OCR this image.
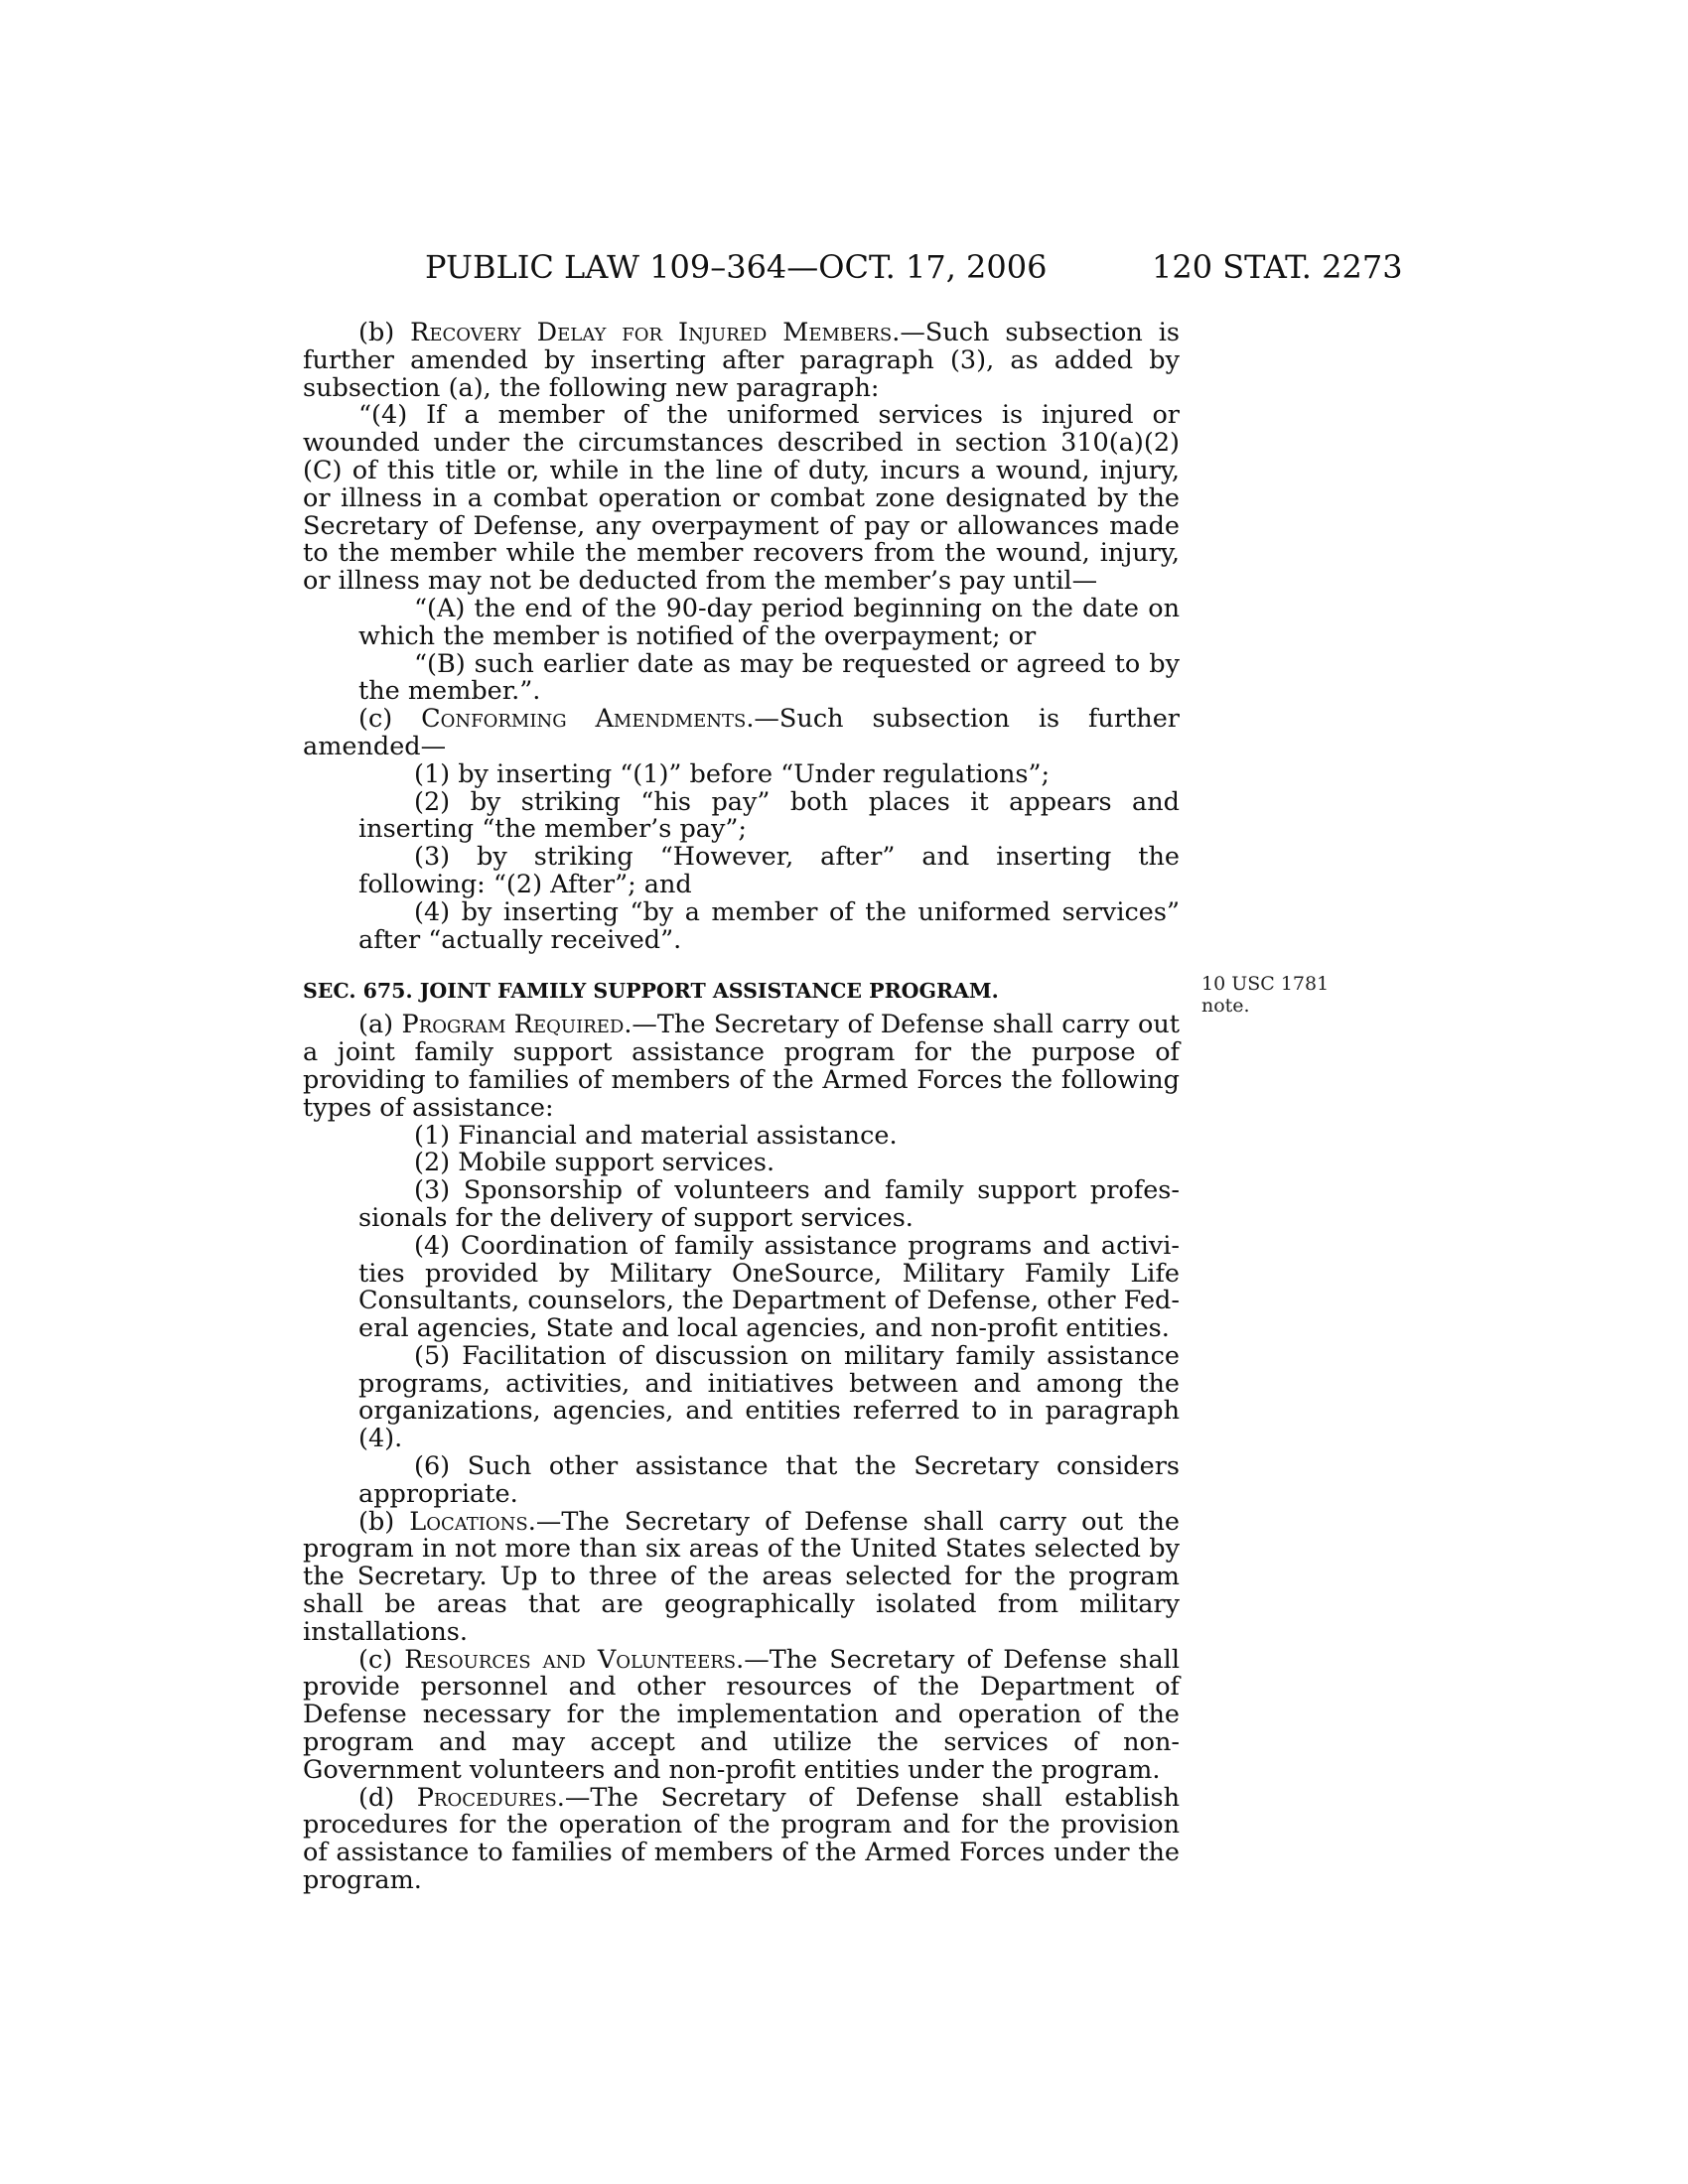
PUBLIC LAW 109–364—OCT. 17, 2006	120 STAT. 2273
10 USC 1781
note.

(b) Recovery Delay for Injured Members.—Such subsection is further amended by inserting after paragraph (3), as added by subsection (a), the following new paragraph:

“(4) If a member of the uniformed services is injured or wounded under the circumstances described in section 310(a)(2)(C) of this title or, while in the line of duty, incurs a wound, injury, or illness in a combat operation or combat zone designated by the Secretary of Defense, any overpayment of pay or allowances made to the member while the member recovers from the wound, injury, or illness may not be deducted from the member’s pay until—

“(A) the end of the 90-day period beginning on the date on which the member is notified of the overpayment; or

“(B) such earlier date as may be requested or agreed to by the member.”.

(c) Conforming Amendments.—Such subsection is further amended—

(1) by inserting “(1)” before “Under regulations”;

(2) by striking “his pay” both places it appears and inserting “the member’s pay”;

(3) by striking “However, after” and inserting the following: “(2) After”; and

(4) by inserting “by a member of the uniformed services” after “actually received”.

SEC. 675. JOINT FAMILY SUPPORT ASSISTANCE PROGRAM.

(a) Program Required.—The Secretary of Defense shall carry out a joint family support assistance program for the purpose of providing to families of members of the Armed Forces the following types of assistance:

(1) Financial and material assistance.

(2) Mobile support services.

(3) Sponsorship of volunteers and family support profes- sionals for the delivery of support services.

(4) Coordination of family assistance programs and activi- ties provided by Military OneSource, Military Family Life Consultants, counselors, the Department of Defense, other Fed- eral agencies, State and local agencies, and non-profit entities.

(5) Facilitation of discussion on military family assistance programs, activities, and initiatives between and among the organizations, agencies, and entities referred to in paragraph (4).

(6) Such other assistance that the Secretary considers appropriate.

(b) Locations.—The Secretary of Defense shall carry out the program in not more than six areas of the United States selected by the Secretary. Up to three of the areas selected for the program shall be areas that are geographically isolated from military installations.

(c) Resources and Volunteers.—The Secretary of Defense shall provide personnel and other resources of the Department of Defense necessary for the implementation and operation of the program and may accept and utilize the services of non-Government volunteers and non-profit entities under the program.

(d) Procedures.—The Secretary of Defense shall establish procedures for the operation of the program and for the provision of assistance to families of members of the Armed Forces under the program.
